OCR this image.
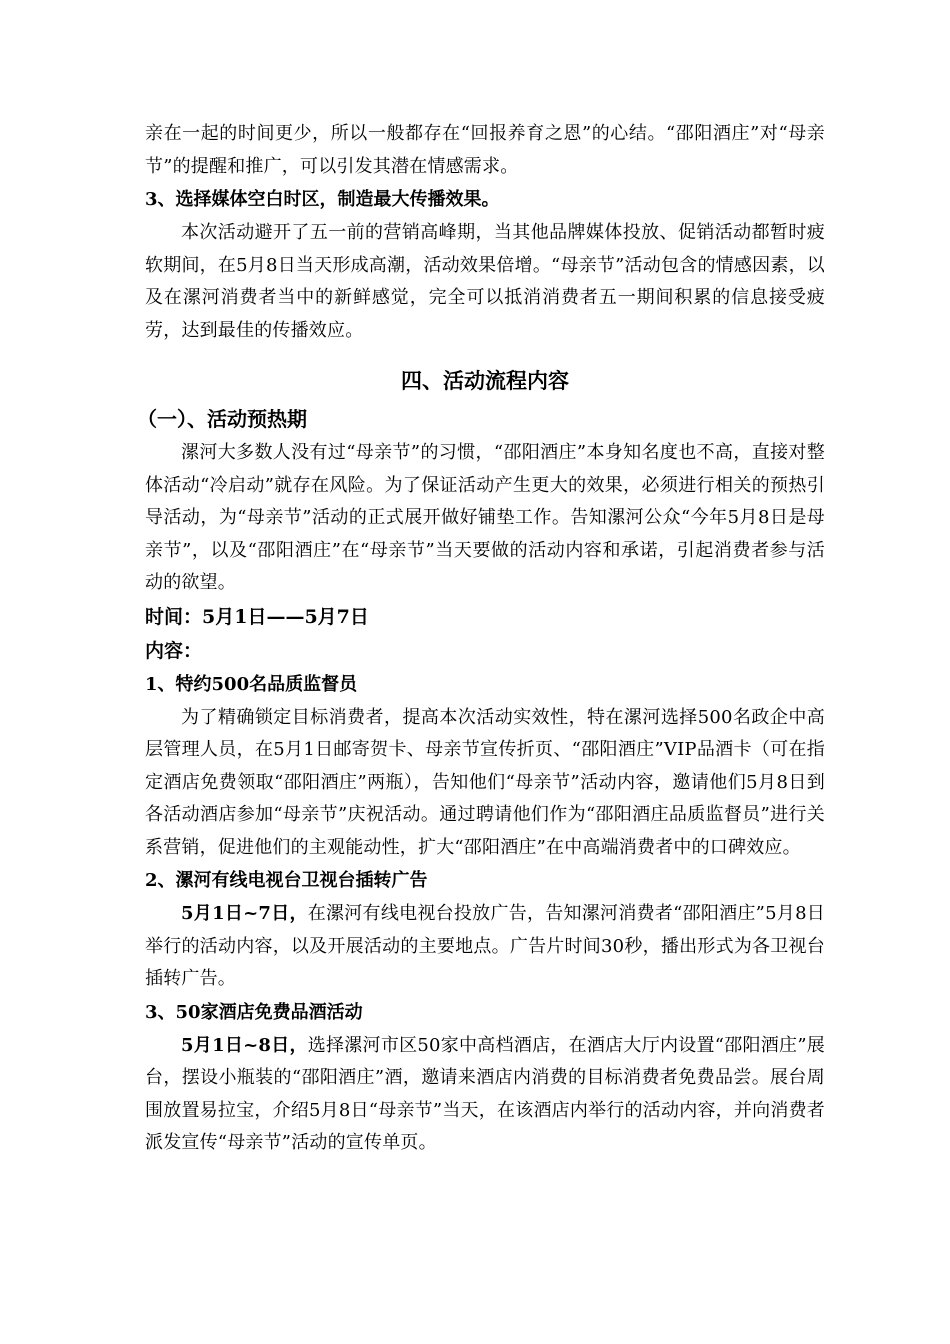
亲在一起的时间更少，所以一般都存在“回报养育之恩”的心结。“邵阳酒庄”对“母亲节”的提醒和推广，可以引发其潜在情感需求。

3、选择媒体空白时区，制造最大传播效果。

本次活动避开了五一前的营销高峰期，当其他品牌媒体投放、促销活动都暂时疲软期间，在5月8日当天形成高潮，活动效果倍增。“母亲节”活动包含的情感因素，以及在漯河消费者当中的新鲜感觉，完全可以抵消消费者五一期间积累的信息接受疲劳，达到最佳的传播效应。

四、活动流程内容

（一）、活动预热期

漯河大多数人没有过“母亲节”的习惯，“邵阳酒庄”本身知名度也不高，直接对整体活动“冷启动”就存在风险。为了保证活动产生更大的效果，必须进行相关的预热引导活动，为“母亲节”活动的正式展开做好铺垫工作。告知漯河公众“今年5月8日是母亲节”，以及“邵阳酒庄”在“母亲节”当天要做的活动内容和承诺，引起消费者参与活动的欲望。

时间：5月1日——5月7日

内容：

1、特约500名品质监督员

为了精确锁定目标消费者，提高本次活动实效性，特在漯河选择500名政企中高层管理人员，在5月1日邮寄贺卡、母亲节宣传折页、“邵阳酒庄”VIP品酒卡（可在指定酒店免费领取“邵阳酒庄”两瓶），告知他们“母亲节”活动内容，邀请他们5月8日到各活动酒店参加“母亲节”庆祝活动。通过聘请他们作为“邵阳酒庄品质监督员”进行关系营销，促进他们的主观能动性，扩大“邵阳酒庄”在中高端消费者中的口碑效应。

2、漯河有线电视台卫视台插转广告

5月1日~7日，在漯河有线电视台投放广告，告知漯河消费者“邵阳酒庄”5月8日举行的活动内容，以及开展活动的主要地点。广告片时间30秒，播出形式为各卫视台插转广告。

3、50家酒店免费品酒活动

5月1日~8日，选择漯河市区50家中高档酒店，在酒店大厅内设置“邵阳酒庄”展台，摆设小瓶装的“邵阳酒庄”酒，邀请来酒店内消费的目标消费者免费品尝。展台周围放置易拉宝，介绍5月8日“母亲节”当天，在该酒店内举行的活动内容，并向消费者派发宣传“母亲节”活动的宣传单页。
